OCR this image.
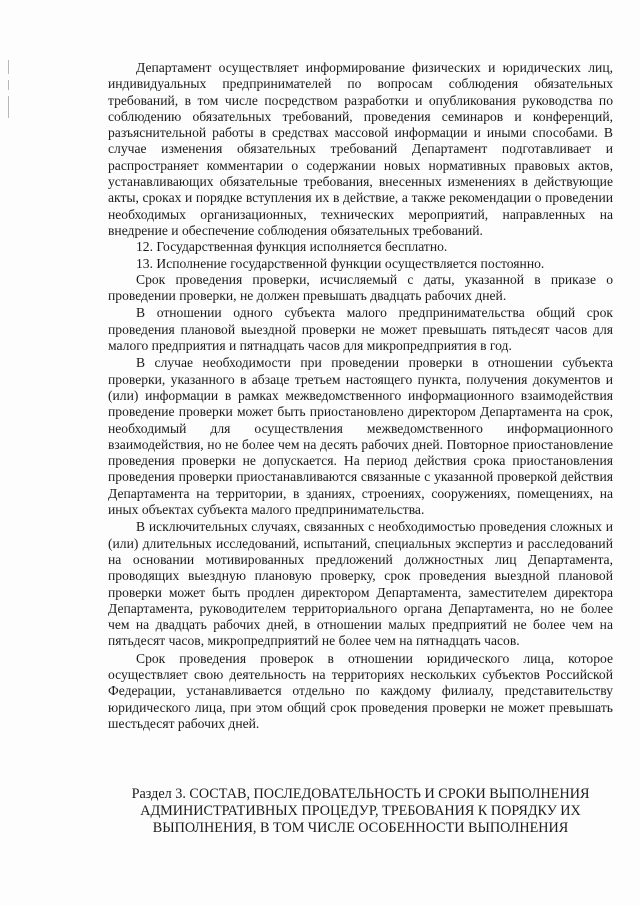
Департамент осуществляет информирование физических и юридических лиц, индивидуальных предпринимателей по вопросам соблюдения обязательных требований, в том числе посредством разработки и опубликования руководства по соблюдению обязательных требований, проведения семинаров и конференций, разъяснительной работы в средствах массовой информации и иными способами. В случае изменения обязательных требований Департамент подготавливает и распространяет комментарии о содержании новых нормативных правовых актов, устанавливающих обязательные требования, внесенных изменениях в действующие акты, сроках и порядке вступления их в действие, а также рекомендации о проведении необходимых организационных, технических мероприятий, направленных на внедрение и обеспечение соблюдения обязательных требований.

12. Государственная функция исполняется бесплатно.

13. Исполнение государственной функции осуществляется постоянно.

Срок проведения проверки, исчисляемый с даты, указанной в приказе о проведении проверки, не должен превышать двадцать рабочих дней.

В отношении одного субъекта малого предпринимательства общий срок проведения плановой выездной проверки не может превышать пятьдесят часов для малого предприятия и пятнадцать часов для микропредприятия в год.

В случае необходимости при проведении проверки в отношении субъекта проверки, указанного в абзаце третьем настоящего пункта, получения документов и (или) информации в рамках межведомственного информационного взаимодействия проведение проверки может быть приостановлено директором Департамента на срок, необходимый для осуществления межведомственного информационного взаимодействия, но не более чем на десять рабочих дней. Повторное приостановление проведения проверки не допускается. На период действия срока приостановления проведения проверки приостанавливаются связанные с указанной проверкой действия Департамента на территории, в зданиях, строениях, сооружениях, помещениях, на иных объектах субъекта малого предпринимательства.

В исключительных случаях, связанных с необходимостью проведения сложных и (или) длительных исследований, испытаний, специальных экспертиз и расследований на основании мотивированных предложений должностных лиц Департамента, проводящих выездную плановую проверку, срок проведения выездной плановой проверки может быть продлен директором Департамента, заместителем директора Департамента, руководителем территориального органа Департамента, но не более чем на двадцать рабочих дней, в отношении малых предприятий не более чем на пятьдесят часов, микропредприятий не более чем на пятнадцать часов.

Срок проведения проверок в отношении юридического лица, которое осуществляет свою деятельность на территориях нескольких субъектов Российской Федерации, устанавливается отдельно по каждому филиалу, представительству юридического лица, при этом общий срок проведения проверки не может превышать шестьдесят рабочих дней.

Раздел 3. СОСТАВ, ПОСЛЕДОВАТЕЛЬНОСТЬ И СРОКИ ВЫПОЛНЕНИЯ АДМИНИСТРАТИВНЫХ ПРОЦЕДУР, ТРЕБОВАНИЯ К ПОРЯДКУ ИХ ВЫПОЛНЕНИЯ, В ТОМ ЧИСЛЕ ОСОБЕННОСТИ ВЫПОЛНЕНИЯ
